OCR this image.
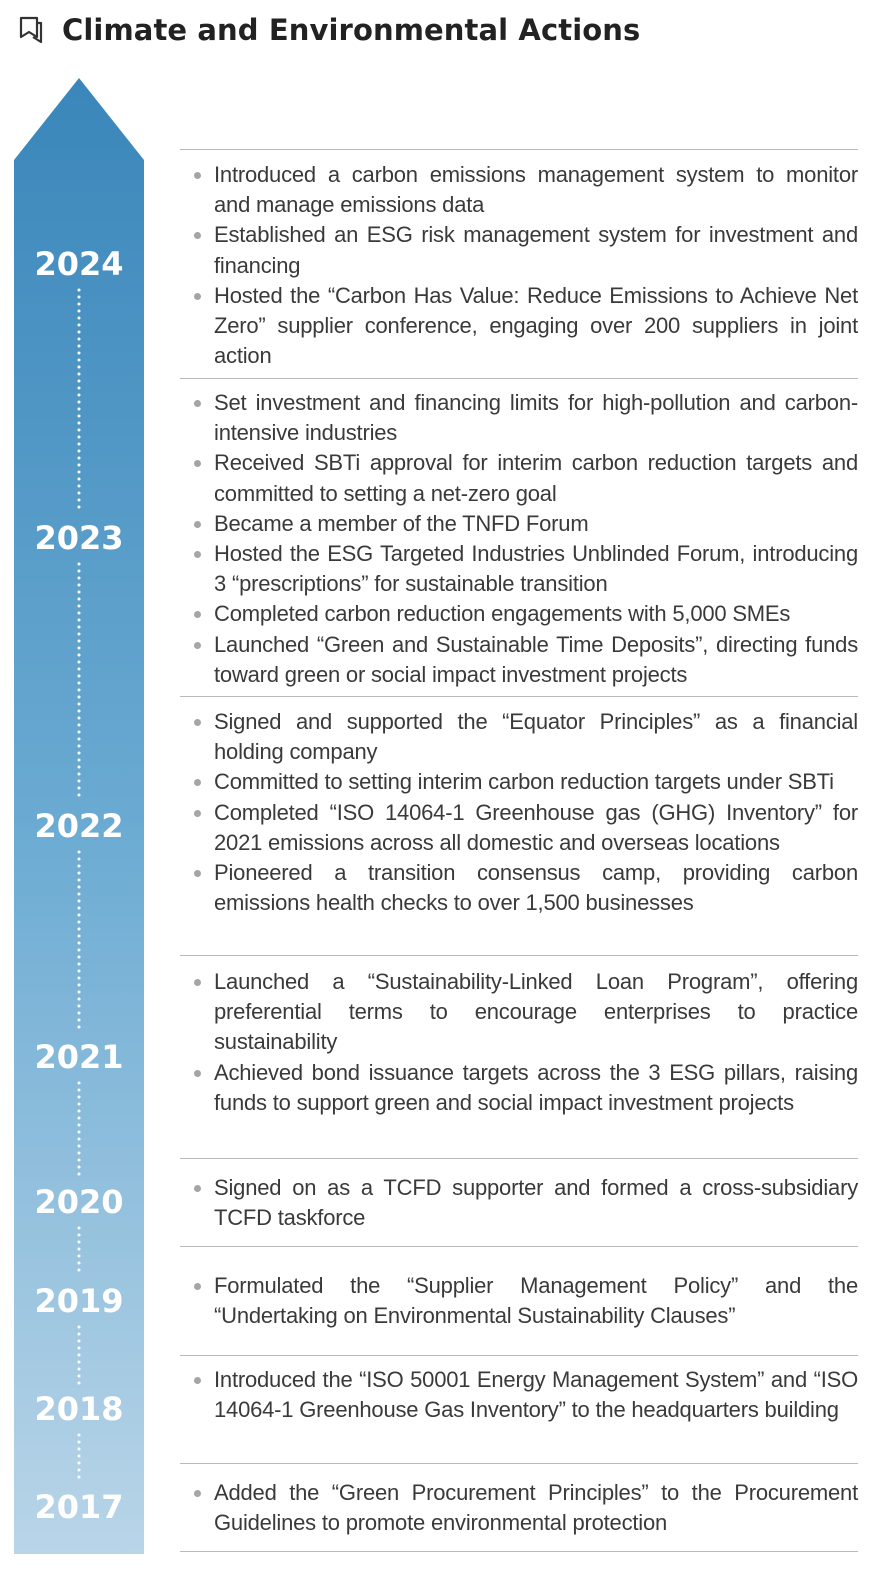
Climate and Environmental Actions
2024
2023
2022
2021
2020
2019
2018
2017
Introduced a carbon emissions management system to monitor and manage emissions data
Established an ESG risk management system for investment and financing
Hosted the “Carbon Has Value: Reduce Emissions to Achieve Net Zero” supplier conference, engaging over 200 suppliers in joint action
Set investment and financing limits for high-pollution and carbon-intensive industries
Received SBTi approval for interim carbon reduction targets and committed to setting a net-zero goal
Became a member of the TNFD Forum
Hosted the ESG Targeted Industries Unblinded Forum, introducing 3 “prescriptions” for sustainable transition
Completed carbon reduction engagements with 5,000 SMEs
Launched “Green and Sustainable Time Deposits”, directing funds toward green or social impact investment projects
Signed and supported the “Equator Principles” as a financial holding company
Committed to setting interim carbon reduction targets under SBTi
Completed “ISO 14064-1 Greenhouse gas (GHG) Inventory” for 2021 emissions across all domestic and overseas locations
Pioneered a transition consensus camp, providing carbon emissions health checks to over 1,500 businesses
Launched a “Sustainability-Linked Loan Program”, offering preferential terms to encourage enterprises to practice sustainability
Achieved bond issuance targets across the 3 ESG pillars, raising funds to support green and social impact investment projects
Signed on as a TCFD supporter and formed a cross-subsidiary TCFD taskforce
Formulated the “Supplier Management Policy” and the “Undertaking on Environmental Sustainability Clauses”
Introduced the “ISO 50001 Energy Management System” and “ISO 14064-1 Greenhouse Gas Inventory” to the headquarters building
Added the “Green Procurement Principles” to the Procurement Guidelines to promote environmental protection
